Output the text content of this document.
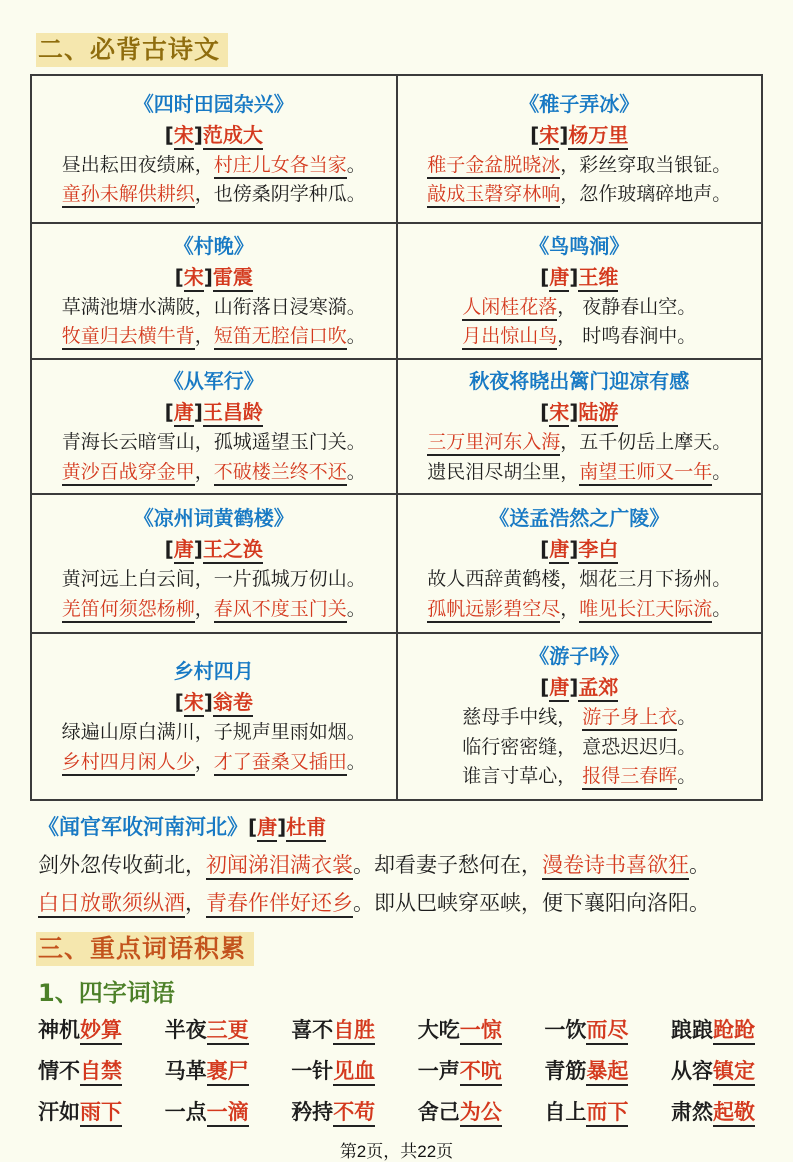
二、必背古诗文
《四时田园杂兴》
[宋]范成大
昼出耘田夜绩麻，村庄儿女各当家。
童孙未解供耕织，也傍桑阴学种瓜。

《稚子弄冰》
[宋]杨万里
稚子金盆脱晓冰，彩丝穿取当银钲。
敲成玉磬穿林响，忽作玻璃碎地声。

《村晚》
[宋]雷震
草满池塘水满陂，山衔落日浸寒漪。
牧童归去横牛背，短笛无腔信口吹。

《鸟鸣涧》
[唐]王维
人闲桂花落， 夜静春山空。
月出惊山鸟， 时鸣春涧中。

《从军行》
[唐]王昌龄
青海长云暗雪山，孤城遥望玉门关。
黄沙百战穿金甲，不破楼兰终不还。

秋夜将晓出篱门迎凉有感
[宋]陆游
三万里河东入海，五千仞岳上摩天。
遗民泪尽胡尘里，南望王师又一年。

《凉州词黄鹤楼》
[唐]王之涣
黄河远上白云间，一片孤城万仞山。
羌笛何须怨杨柳，春风不度玉门关。

《送孟浩然之广陵》
[唐]李白
故人西辞黄鹤楼，烟花三月下扬州。
孤帆远影碧空尽，唯见长江天际流。

乡村四月
[宋]翁卷
绿遍山原白满川，子规声里雨如烟。
乡村四月闲人少，才了蚕桑又插田。

《游子吟》
[唐]孟郊
慈母手中线， 游子身上衣。
临行密密缝， 意恐迟迟归。
谁言寸草心， 报得三春晖。
《闻官军收河南河北》[唐]杜甫
剑外忽传收蓟北，初闻涕泪满衣裳。却看妻子愁何在，漫卷诗书喜欲狂。
白日放歌须纵酒，青春作伴好还乡。即从巴峡穿巫峡，便下襄阳向洛阳。
三、重点词语积累
1、四字词语
神机妙算 半夜三更 喜不自胜 大吃一惊 一饮而尽 踉踉跄跄
情不自禁 马革裹尸 一针见血 一声不吭 青筋暴起 从容镇定
汗如雨下 一点一滴 矜持不苟 舍己为公 自上而下 肃然起敬
第2页，共22页
